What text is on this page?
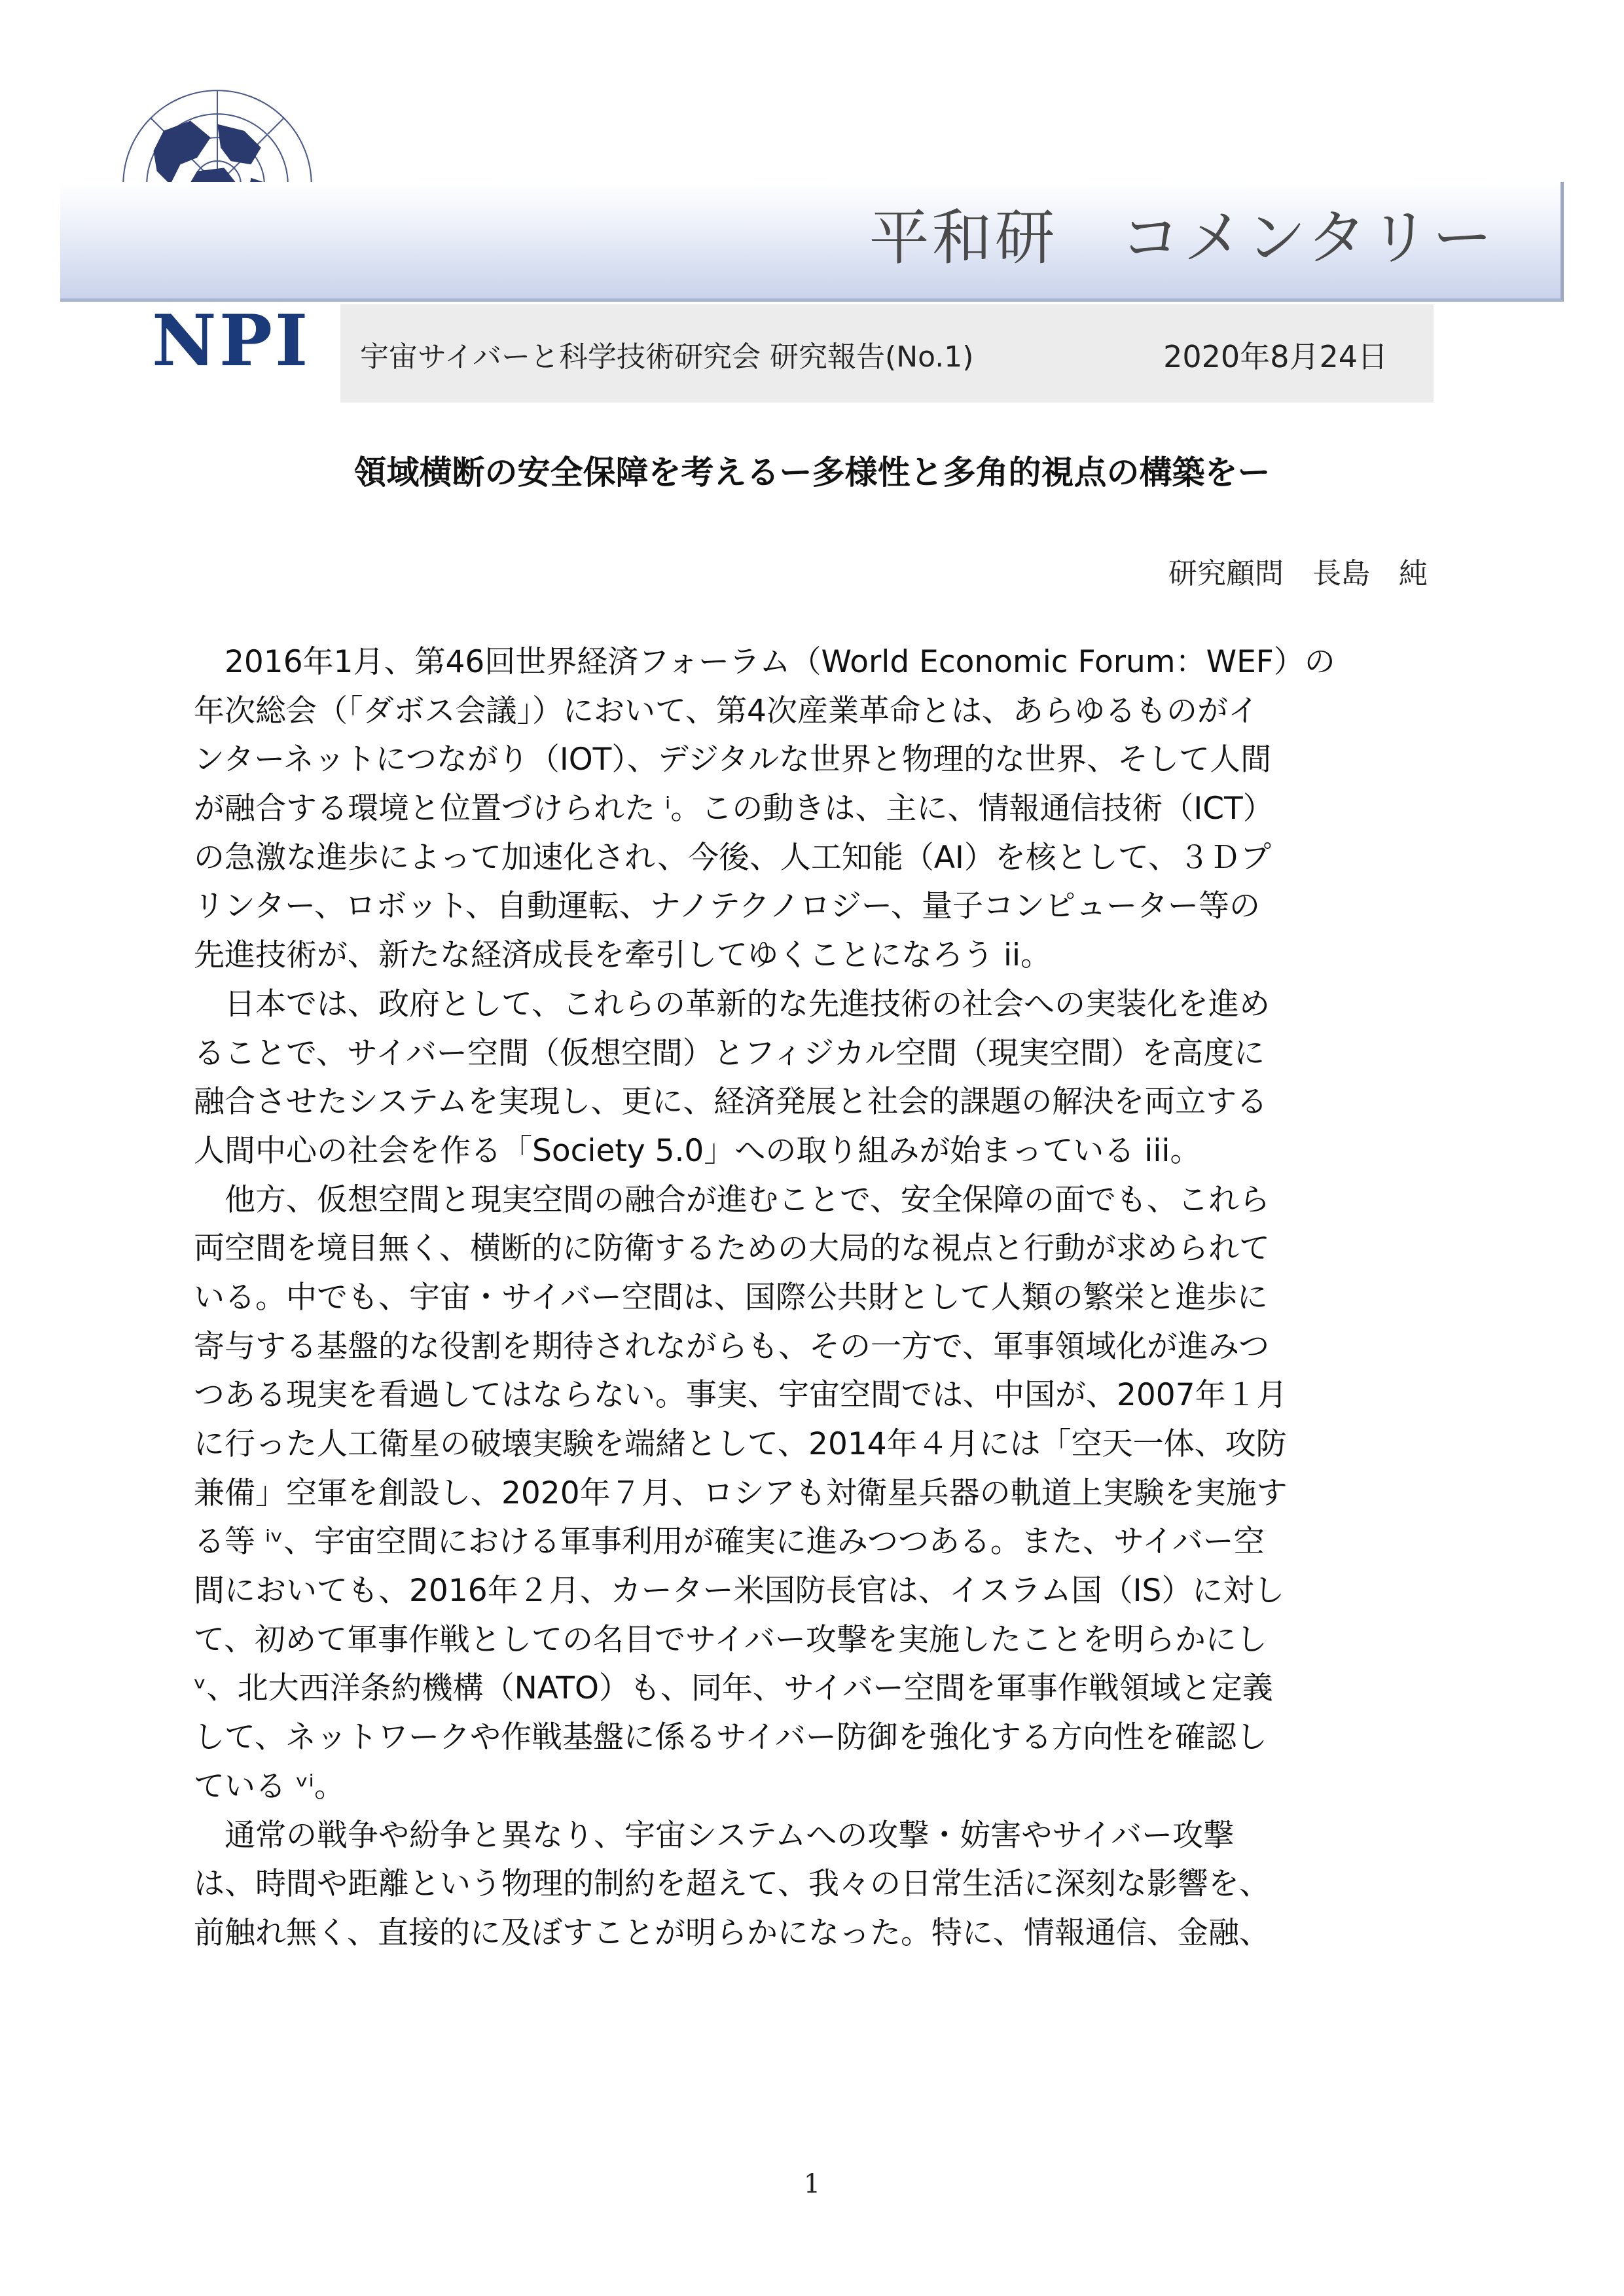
平和研　コメンタリー
NPI 宇宙サイバーと科学技術研究会 研究報告(No.1)	2020年8月24日
領域横断の安全保障を考えるー多様性と多角的視点の構築をー
研究顧問　長島　純
　2016年1月、第46回世界経済フォーラム（World Economic Forum：WEF）の
年次総会（「ダボス会議」）において、第4次産業革命とは、あらゆるものがイ
ンターネットにつながり（IOT）、デジタルな世界と物理的な世界、そして人間
が融合する環境と位置づけられた ⁱ。この動きは、主に、情報通信技術（ICT）
の急激な進歩によって加速化され、今後、人工知能（AI）を核として、３Ｄプ
リンター、ロボット、自動運転、ナノテクノロジー、量子コンピューター等の
先進技術が、新たな経済成長を牽引してゆくことになろう ii。
　日本では、政府として、これらの革新的な先進技術の社会への実装化を進め
ることで、サイバー空間（仮想空間）とフィジカル空間（現実空間）を高度に
融合させたシステムを実現し、更に、経済発展と社会的課題の解決を両立する
人間中心の社会を作る「Society 5.0」への取り組みが始まっている iii。
　他方、仮想空間と現実空間の融合が進むことで、安全保障の面でも、これら
両空間を境目無く、横断的に防衛するための大局的な視点と行動が求められて
いる。中でも、宇宙・サイバー空間は、国際公共財として人類の繁栄と進歩に
寄与する基盤的な役割を期待されながらも、その一方で、軍事領域化が進みつ
つある現実を看過してはならない。事実、宇宙空間では、中国が、2007年１月
に行った人工衛星の破壊実験を端緒として、2014年４月には「空天一体、攻防
兼備」空軍を創設し、2020年７月、ロシアも対衛星兵器の軌道上実験を実施す
る等 ⁱᵛ、宇宙空間における軍事利用が確実に進みつつある。また、サイバー空
間においても、2016年２月、カーター米国防長官は、イスラム国（IS）に対し
て、初めて軍事作戦としての名目でサイバー攻撃を実施したことを明らかにし
ᵛ、北大西洋条約機構（NATO）も、同年、サイバー空間を軍事作戦領域と定義
して、ネットワークや作戦基盤に係るサイバー防御を強化する方向性を確認し
ている ᵛⁱ。
　通常の戦争や紛争と異なり、宇宙システムへの攻撃・妨害やサイバー攻撃
は、時間や距離という物理的制約を超えて、我々の日常生活に深刻な影響を、
前触れ無く、直接的に及ぼすことが明らかになった。特に、情報通信、金融、
1
